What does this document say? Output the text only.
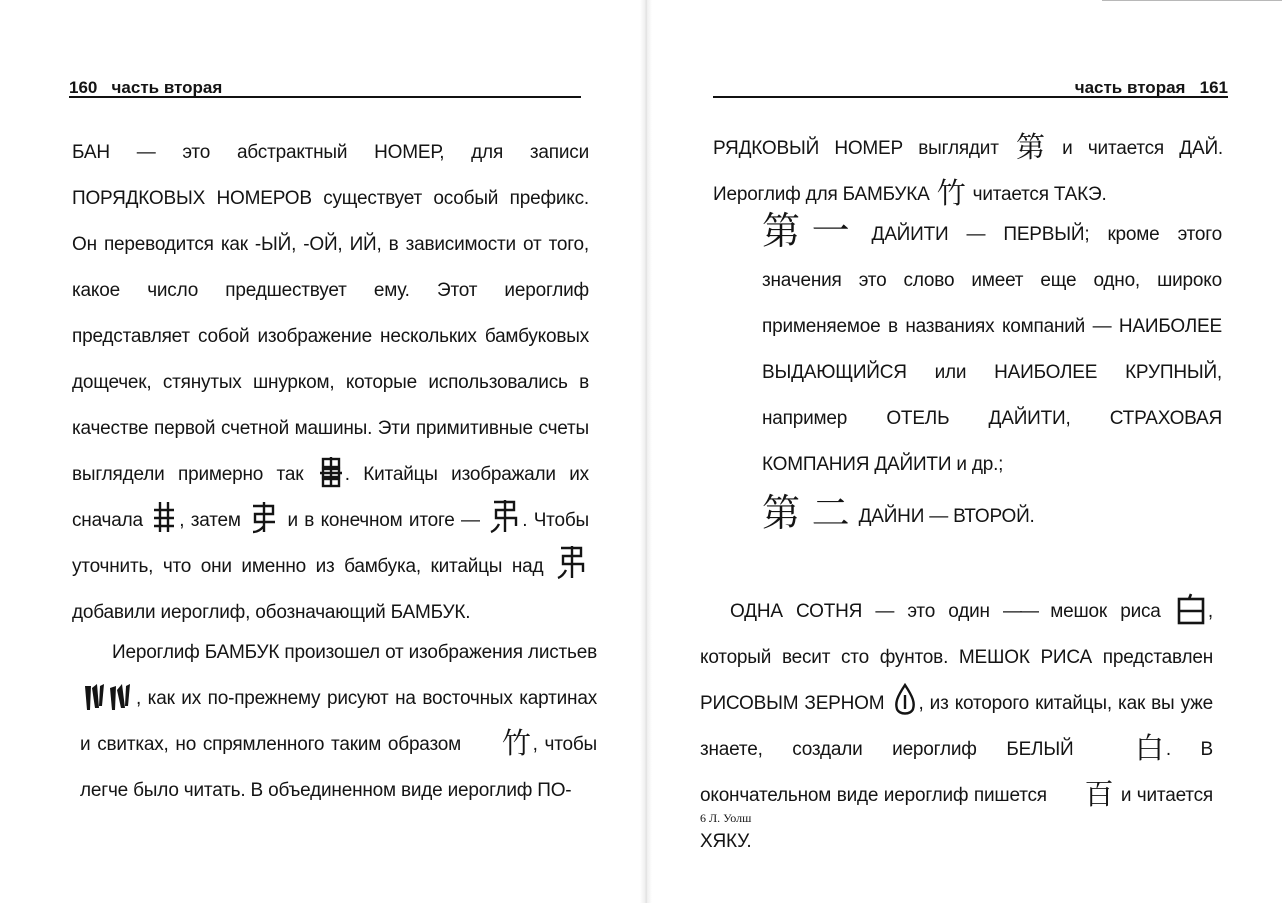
160 часть вторая

БАН — это абстрактный НОМЕР, для записи ПОРЯДКОВЫХ НОМЕРОВ существует особый префикс. Он переводится как -ЫЙ, -ОЙ, ИЙ, в зависимости от того, какое число предшествует ему. Этот иероглиф представляет собой изображение нескольких бамбуковых дощечек, стянутых шнурком, которые использовались в качестве первой счетной машины. Эти примитивные счеты выглядели примерно так . Китайцы изображали их сначала , затем и в конечном итоге — . Чтобы уточнить, что они именно из бамбука, китайцы над
добавили иероглиф, обозначающий БАМБУК.

Иероглиф БАМБУК произошел от изображения листьев
, как их по-прежнему рисуют на восточных картинах и свитках, но спрямленного таким образом 竹 , чтобы легче было читать. В объединенном виде иероглиф ПО-

часть вторая 161

РЯДКОВЫЙ НОМЕР выглядит 第 и читается ДАЙ. Иероглиф для БАМБУКА 竹 читается ТАКЭ.

第 一 ДАЙИТИ — ПЕРВЫЙ; кроме этого значения это слово имеет еще одно, широко применяемое в названиях компаний — НАИБОЛЕЕ ВЫДАЮЩИЙСЯ или НАИБОЛЕЕ КРУПНЫЙ, например ОТЕЛЬ ДАЙИТИ, СТРАХОВАЯ КОМПАНИЯ ДАЙИТИ и др.;

第 二 ДАЙНИ — ВТОРОЙ.

ОДНА СОТНЯ — это один —— мешок риса , который весит сто фунтов. МЕШОК РИСА представлен РИСОВЫМ ЗЕРНОМ , из которого китайцы, как вы уже знаете, создали иероглиф БЕЛЫЙ 白 . В окончательном виде иероглиф пишется 百 и читается ХЯКУ.

6 Л. Уолш
